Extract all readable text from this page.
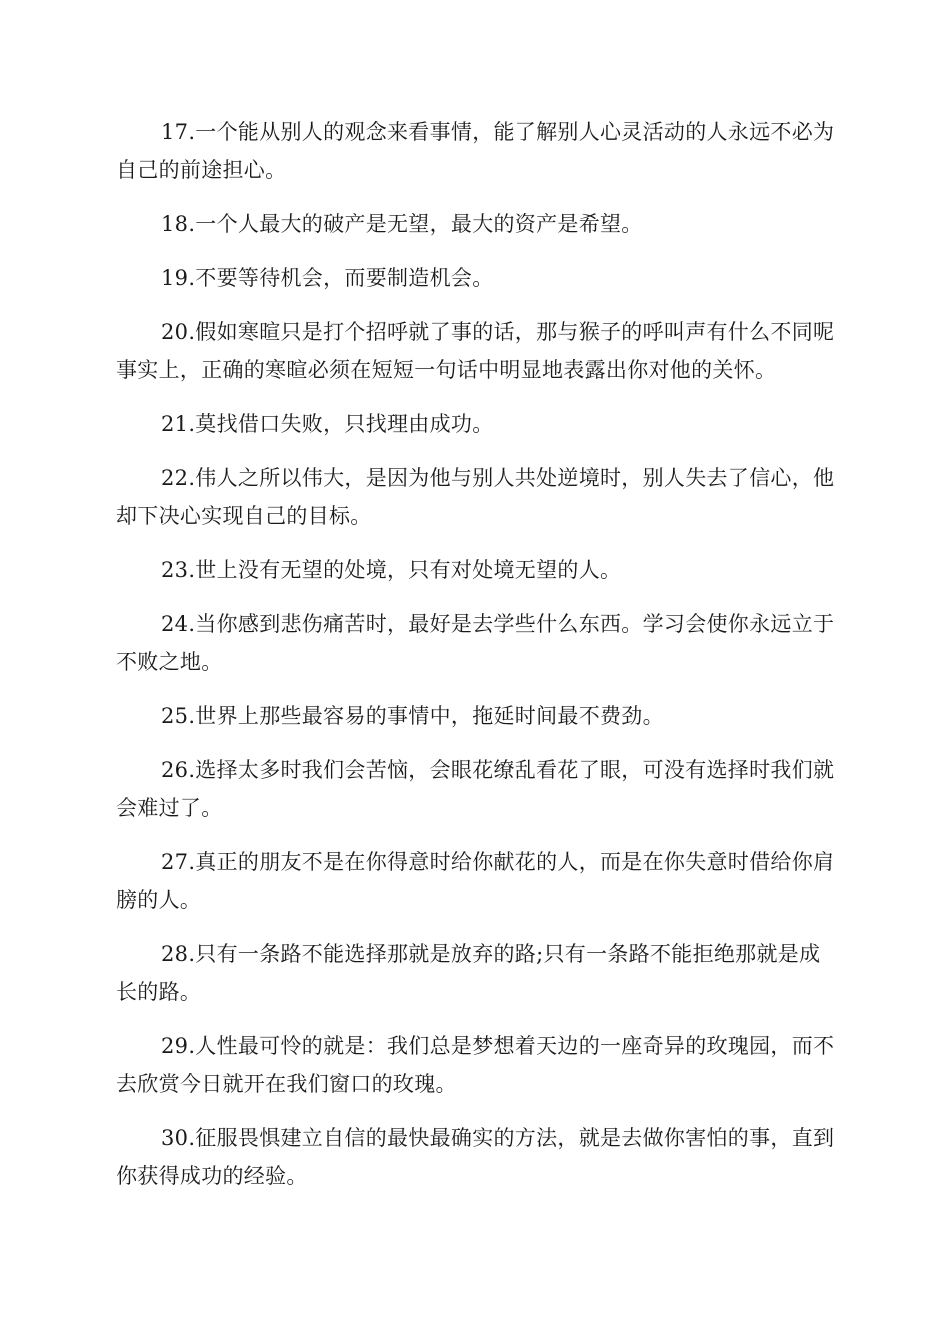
17.一个能从别人的观念来看事情，能了解别人心灵活动的人永远不必为自己的前途担心。

18.一个人最大的破产是无望，最大的资产是希望。

19.不要等待机会，而要制造机会。

20.假如寒暄只是打个招呼就了事的话，那与猴子的呼叫声有什么不同呢事实上，正确的寒暄必须在短短一句话中明显地表露出你对他的关怀。

21.莫找借口失败，只找理由成功。

22.伟人之所以伟大，是因为他与别人共处逆境时，别人失去了信心，他却下决心实现自己的目标。

23.世上没有无望的处境，只有对处境无望的人。

24.当你感到悲伤痛苦时，最好是去学些什么东西。学习会使你永远立于不败之地。

25.世界上那些最容易的事情中，拖延时间最不费劲。

26.选择太多时我们会苦恼，会眼花缭乱看花了眼，可没有选择时我们就会难过了。

27.真正的朋友不是在你得意时给你献花的人，而是在你失意时借给你肩膀的人。

28.只有一条路不能选择那就是放弃的路;只有一条路不能拒绝那就是成长的路。

29.人性最可怜的就是：我们总是梦想着天边的一座奇异的玫瑰园，而不去欣赏今日就开在我们窗口的玫瑰。

30.征服畏惧建立自信的最快最确实的方法，就是去做你害怕的事，直到你获得成功的经验。
